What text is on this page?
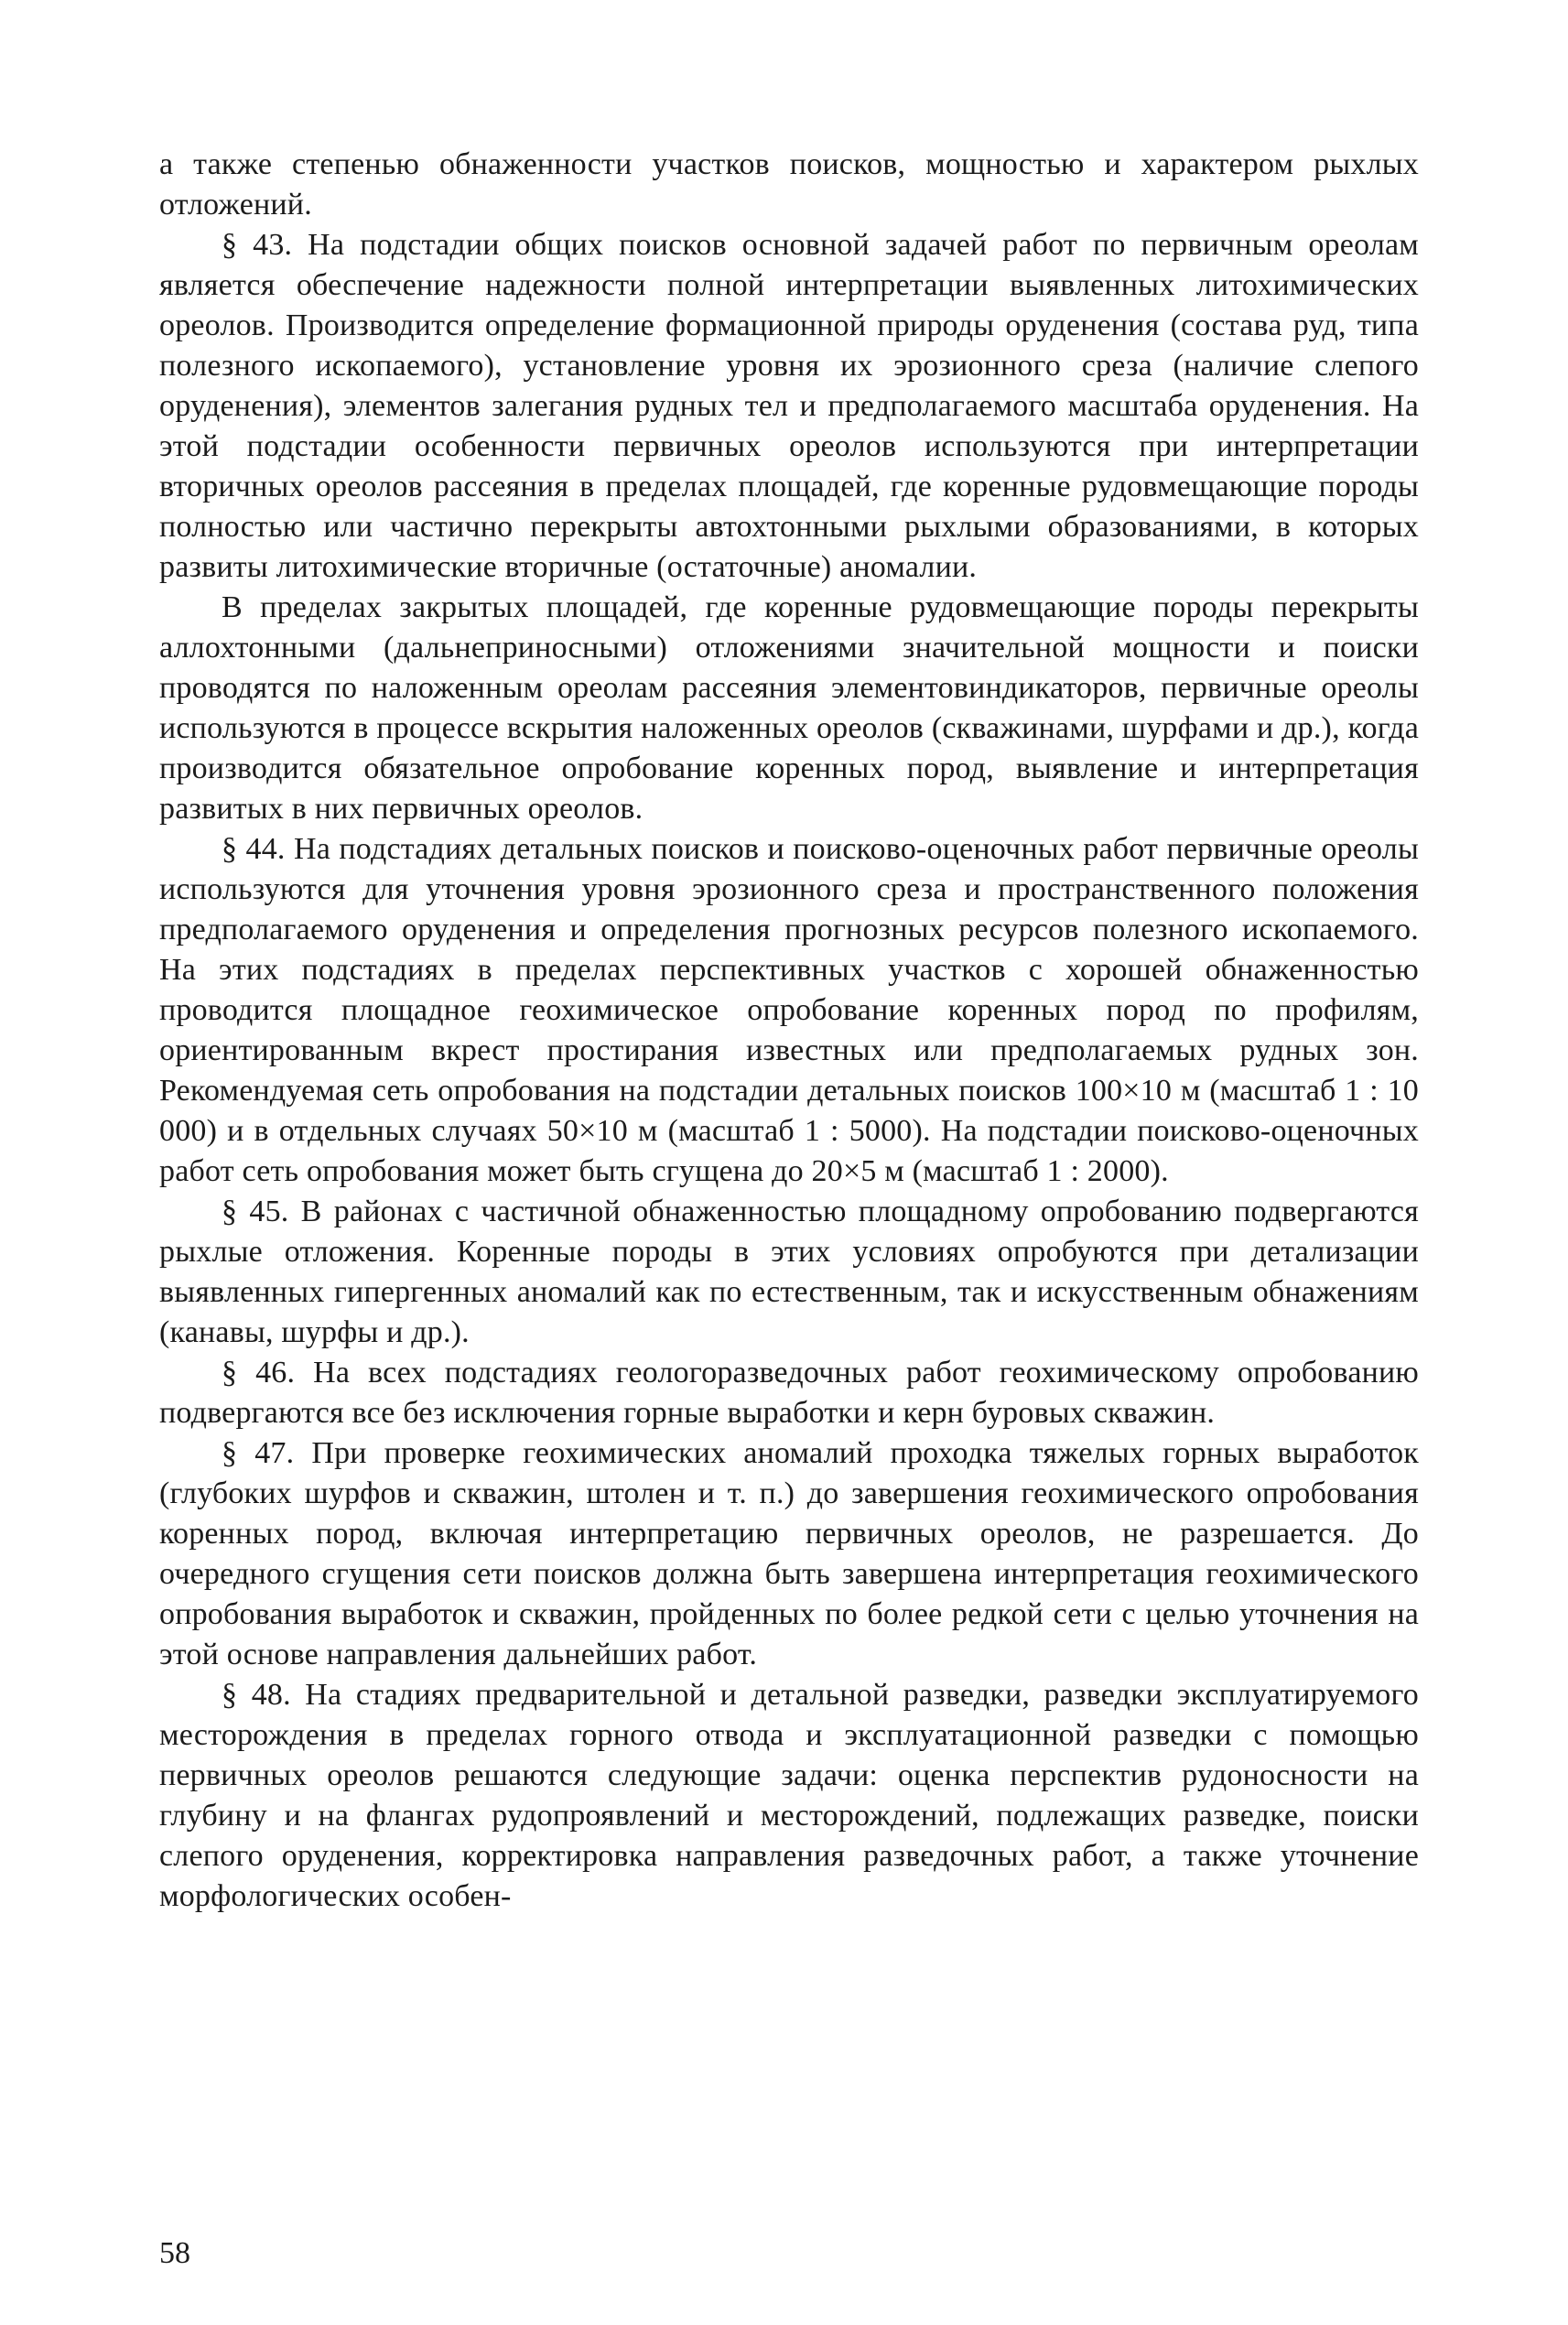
а также степенью обнаженности участков поисков, мощностью и характером рыхлых отложений.

§ 43. На подстадии общих поисков основной задачей работ по первичным ореолам является обеспечение надежности полной интерпретации выявленных литохимических ореолов. Производится определение формационной природы оруденения (состава руд, типа полезного ископаемого), установление уровня их эрозионного среза (наличие слепого оруденения), элементов залегания рудных тел и предполагаемого масштаба оруденения. На этой подстадии особенности первичных ореолов используются при интерпретации вторичных ореолов рассеяния в пределах площадей, где коренные рудовмещающие породы полностью или частично перекрыты автохтонными рыхлыми образованиями, в которых развиты литохимические вторичные (остаточные) аномалии.

В пределах закрытых площадей, где коренные рудовмещающие породы перекрыты аллохтонными (дальнеприносными) отложениями значительной мощности и поиски проводятся по наложенным ореолам рассеяния элементовиндикаторов, первичные ореолы используются в процессе вскрытия наложенных ореолов (скважинами, шурфами и др.), когда производится обязательное опробование коренных пород, выявление и интерпретация развитых в них первичных ореолов.

§ 44. На подстадиях детальных поисков и поисково-оценочных работ первичные ореолы используются для уточнения уровня эрозионного среза и пространственного положения предполагаемого оруденения и определения прогнозных ресурсов полезного ископаемого. На этих подстадиях в пределах перспективных участков с хорошей обнаженностью проводится площадное геохимическое опробование коренных пород по профилям, ориентированным вкрест простирания известных или предполагаемых рудных зон. Рекомендуемая сеть опробования на подстадии детальных поисков 100×10 м (масштаб 1 : 10 000) и в отдельных случаях 50×10 м (масштаб 1 : 5000). На подстадии поисково-оценочных работ сеть опробования может быть сгущена до 20×5 м (масштаб 1 : 2000).

§ 45. В районах с частичной обнаженностью площадному опробованию подвергаются рыхлые отложения. Коренные породы в этих условиях опробуются при детализации выявленных гипергенных аномалий как по естественным, так и искусственным обнажениям (канавы, шурфы и др.).

§ 46. На всех подстадиях геологоразведочных работ геохимическому опробованию подвергаются все без исключения горные выработки и керн буровых скважин.

§ 47. При проверке геохимических аномалий проходка тяжелых горных выработок (глубоких шурфов и скважин, штолен и т. п.) до завершения геохимического опробования коренных пород, включая интерпретацию первичных ореолов, не разрешается. До очередного сгущения сети поисков должна быть завершена интерпретация геохимического опробования выработок и скважин, пройденных по более редкой сети с целью уточнения на этой основе направления дальнейших работ.

§ 48. На стадиях предварительной и детальной разведки, разведки эксплуатируемого месторождения в пределах горного отвода и эксплуатационной разведки с помощью первичных ореолов решаются следующие задачи: оценка перспектив рудоносности на глубину и на флангах рудопроявлений и месторождений, подлежащих разведке, поиски слепого оруденения, корректировка направления разведочных работ, а также уточнение морфологических особен-

58
